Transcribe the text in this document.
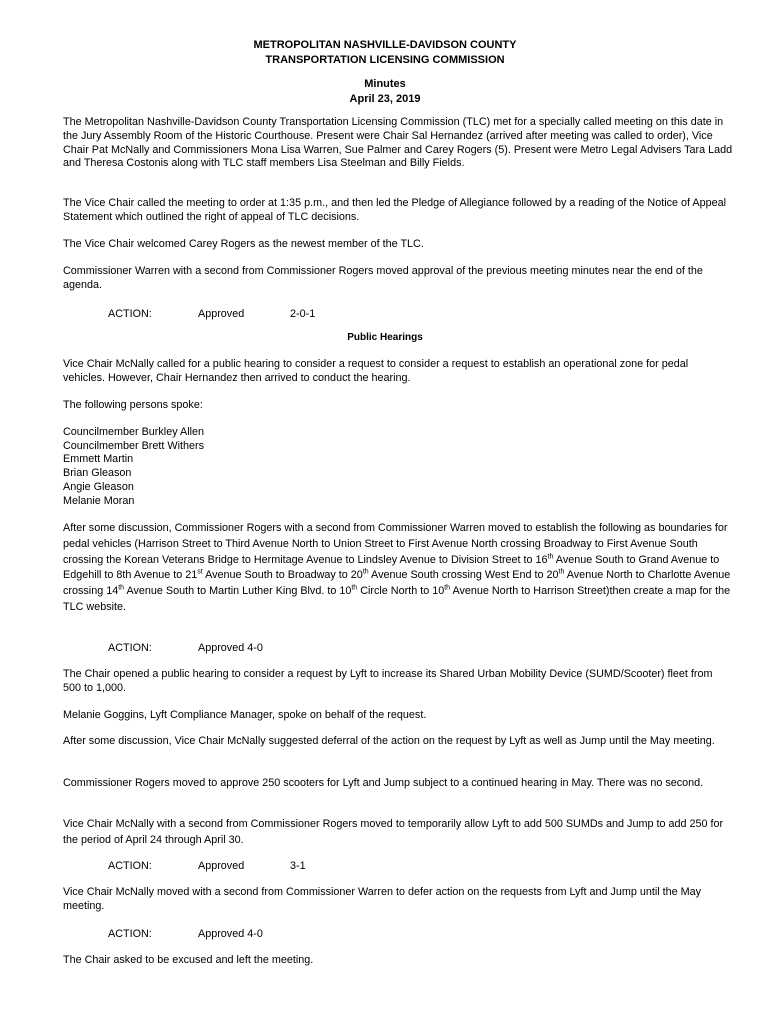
METROPOLITAN NASHVILLE-DAVIDSON COUNTY
TRANSPORTATION LICENSING COMMISSION
Minutes
April 23, 2019
The Metropolitan Nashville-Davidson County Transportation Licensing Commission (TLC) met for a specially called meeting on this date in the Jury Assembly Room of the Historic Courthouse. Present were Chair Sal Hernandez (arrived after meeting was called to order), Vice Chair Pat McNally and Commissioners Mona Lisa Warren, Sue Palmer and Carey Rogers (5). Present were Metro Legal Advisers Tara Ladd and Theresa Costonis along with TLC staff members Lisa Steelman and Billy Fields.
The Vice Chair called the meeting to order at 1:35 p.m., and then led the Pledge of Allegiance followed by a reading of the Notice of Appeal Statement which outlined the right of appeal of TLC decisions.
The Vice Chair welcomed Carey Rogers as the newest member of the TLC.
Commissioner Warren with a second from Commissioner Rogers moved approval of the previous meeting minutes near the end of the agenda.
ACTION:	Approved	2-0-1
Public Hearings
Vice Chair McNally called for a public hearing to consider a request to consider a request to establish an operational zone for pedal vehicles. However, Chair Hernandez then arrived to conduct the hearing.
The following persons spoke:
Councilmember Burkley Allen
Councilmember Brett Withers
Emmett Martin
Brian Gleason
Angie Gleason
Melanie Moran
After some discussion, Commissioner Rogers with a second from Commissioner Warren moved to establish the following as boundaries for pedal vehicles (Harrison Street to Third Avenue North to Union Street to First Avenue North crossing Broadway to First Avenue South crossing the Korean Veterans Bridge to Hermitage Avenue to Lindsley Avenue to Division Street to 16th Avenue South to Grand Avenue to Edgehill to 8th Avenue to 21st Avenue South to Broadway to 20th Avenue South crossing West End to 20th Avenue North to Charlotte Avenue crossing 14th Avenue South to Martin Luther King Blvd. to 10th Circle North to 10th Avenue North to Harrison Street)then create a map for the TLC website.
ACTION:	Approved 4-0
The Chair opened a public hearing to consider a request by Lyft to increase its Shared Urban Mobility Device (SUMD/Scooter) fleet from 500 to 1,000.
Melanie Goggins, Lyft Compliance Manager, spoke on behalf of the request.
After some discussion, Vice Chair McNally suggested deferral of the action on the request by Lyft as well as Jump until the May meeting.
Commissioner Rogers moved to approve 250 scooters for Lyft and Jump subject to a continued hearing in May. There was no second.
Vice Chair McNally with a second from Commissioner Rogers moved to temporarily allow Lyft to add 500 SUMDs and Jump to add 250 for the period of April 24 through April 30.
ACTION:	Approved	3-1
Vice Chair McNally moved with a second from Commissioner Warren to defer action on the requests from Lyft and Jump until the May meeting.
ACTION:	Approved 4-0
The Chair asked to be excused and left the meeting.
